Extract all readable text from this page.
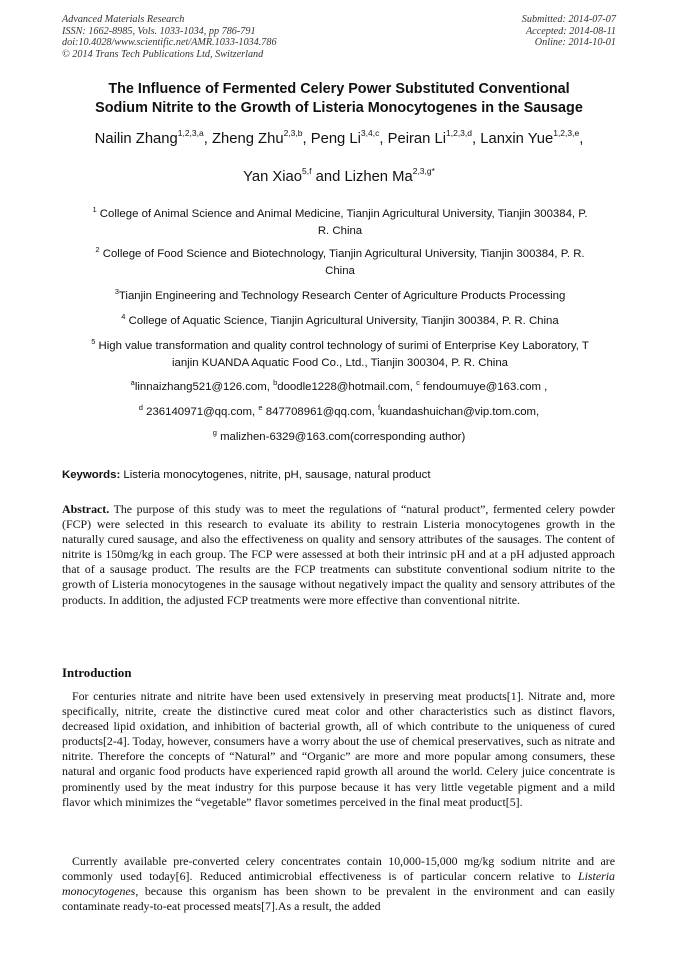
Advanced Materials Research
ISSN: 1662-8985, Vols. 1033-1034, pp 786-791
doi:10.4028/www.scientific.net/AMR.1033-1034.786
© 2014 Trans Tech Publications Ltd, Switzerland
Submitted: 2014-07-07
Accepted: 2014-08-11
Online: 2014-10-01
The Influence of Fermented Celery Power Substituted Conventional
Sodium Nitrite to the Growth of Listeria Monocytogenes in the Sausage
Nailin Zhang$^{1,2,3,a}$, Zheng Zhu$^{2,3,b}$, Peng Li$^{3,4,c}$, Peiran Li$^{1,2,3,d}$, Lanxin Yue$^{1,2,3,e}$,
Yan Xiao$^{5,f}$ and Lizhen $Ma^{2,3,g*}$
$^1$ College of Animal Science and Animal Medicine, Tianjin Agricultural University, Tianjin 300384, P.
R. China
$^2$ College of Food Science and Biotechnology, Tianjin Agricultural University, Tianjin 300384, P. R.
China
$^3$Tianjin Engineering and Technology Research Center of Agriculture Products Processing
$^4$ College of Aquatic Science, Tianjin Agricultural University, Tianjin 300384, P. R. China
$^5$ High value transformation and quality control technology of surimi of Enterprise Key Laboratory, T
ianjin KUANDA Aquatic Food Co., Ltd., Tianjin 300304, P. R. China
$^a$linnaizhang521@126.com, $^b$doodle1228@hotmail.com, $^c$ fendoumuye@163.com ,
$^d$ 236140971@qq.com, $^e$ 847708961@qq.com, $^f$kuandashuichan@vip.tom.com,
$^g$ malizhen-6329@163.com(corresponding author)
Keywords: Listeria monocytogenes, nitrite, pH, sausage, natural product
Abstract. The purpose of this study was to meet the regulations of “natural product”, fermented celery powder (FCP) were selected in this research to evaluate its ability to restrain Listeria monocytogenes growth in the naturally cured sausage, and also the effectiveness on quality and sensory attributes of the sausages. The content of nitrite is 150mg/kg in each group. The FCP were assessed at both their intrinsic pH and at a pH adjusted approach that of a sausage product. The results are the FCP treatments can substitute conventional sodium nitrite to the growth of Listeria monocytogenes in the sausage without negatively impact the quality and sensory attributes of the products. In addition, the adjusted FCP treatments were more effective than conventional nitrite.
Introduction
For centuries nitrate and nitrite have been used extensively in preserving meat products[1]. Nitrate and, more specifically, nitrite, create the distinctive cured meat color and other characteristics such as distinct flavors, decreased lipid oxidation, and inhibition of bacterial growth, all of which contribute to the uniqueness of cured products[2-4]. Today, however, consumers have a worry about the use of chemical preservatives, such as nitrate and nitrite. Therefore the concepts of “Natural” and “Organic” are more and more popular among consumers, these natural and organic food products have experienced rapid growth all around the world. Celery juice concentrate is prominently used by the meat industry for this purpose because it has very little vegetable pigment and a mild flavor which minimizes the “vegetable” flavor sometimes perceived in the final meat product[5].
Currently available pre-converted celery concentrates contain 10,000-15,000 mg/kg sodium nitrite and are commonly used today[6]. Reduced antimicrobial effectiveness is of particular concern relative to Listeria monocytogenes, because this organism has been shown to be prevalent in the environment and can easily contaminate ready-to-eat processed meats[7].As a result, the added
